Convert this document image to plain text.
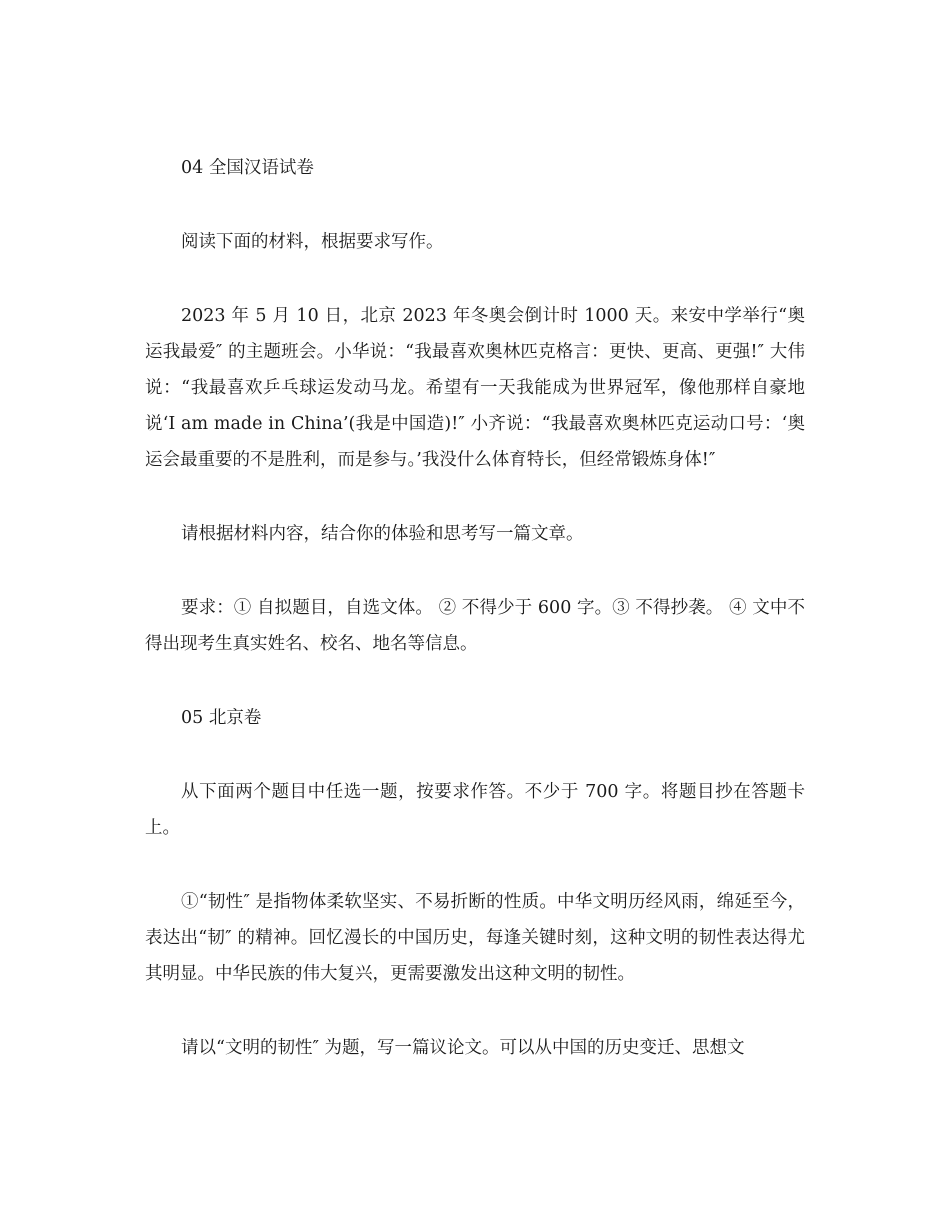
04 全国汉语试卷

阅读下面的材料，根据要求写作。

2023 年 5 月 10 日，北京 2023 年冬奥会倒计时 1000 天。来安中学举行“奥运我最爱″ 的主题班会。小华说：“我最喜欢奥林匹克格言：更快、更高、更强!″ 大伟说：“我最喜欢乒乓球运发动马龙。希望有一天我能成为世界冠军，像他那样自豪地说‘I am made in China’(我是中国造)!″ 小齐说：“我最喜欢奥林匹克运动口号：‘奥运会最重要的不是胜利，而是参与。’我没什么体育特长，但经常锻炼身体!″

请根据材料内容，结合你的体验和思考写一篇文章。

要求：① 自拟题目，自选文体。 ② 不得少于 600 字。③ 不得抄袭。 ④ 文中不得出现考生真实姓名、校名、地名等信息。

05 北京卷

从下面两个题目中任选一题，按要求作答。不少于 700 字。将题目抄在答题卡上。

①“韧性″ 是指物体柔软坚实、不易折断的性质。中华文明历经风雨，绵延至今，表达出“韧″ 的精神。回忆漫长的中国历史，每逢关键时刻，这种文明的韧性表达得尤其明显。中华民族的伟大复兴，更需要激发出这种文明的韧性。

请以“文明的韧性″ 为题，写一篇议论文。可以从中国的历史变迁、思想文
